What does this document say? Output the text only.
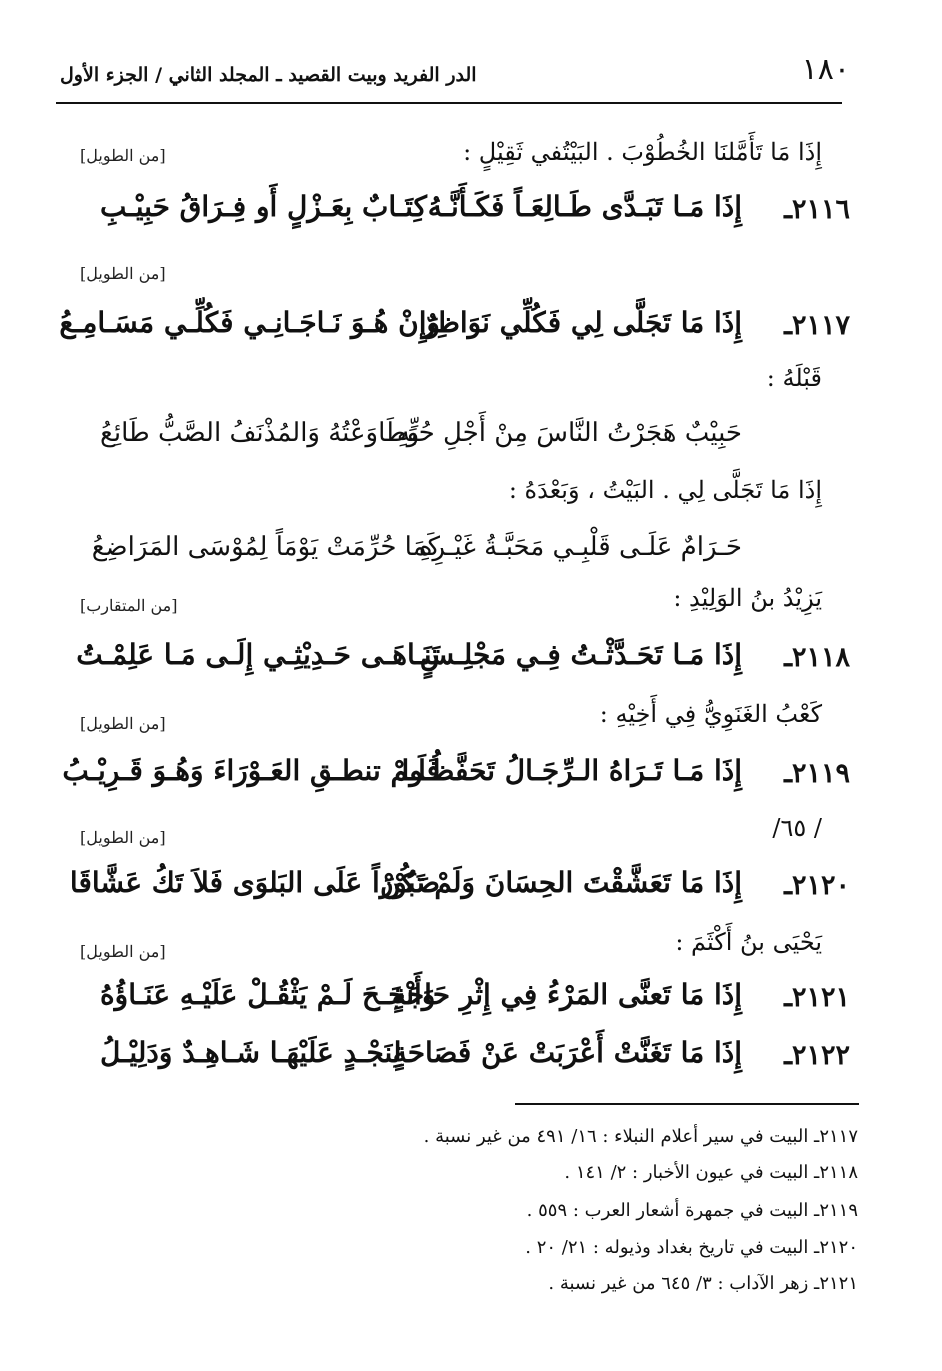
١٨٠
الدر الفريد وبيت القصيد ـ المجلد الثاني / الجزء الأول
إِذَا مَا تَأَمَّلنَا الخُطُوْبَ . البَيْتُفي ثَقِيْلٍ :
[من الطويل]
٢١١٦ـ
إِذَا مَـا تَبَـدَّى طَـالِعَـاً فَكَـأَنَّـهُ
كِتَـابٌ بِعَـزْلٍ أَو فِـرَاقُ حَبِيْـبِ
[من الطويل]
٢١١٧ـ
إِذَا مَا تَجَلَّى لِي فَكُلِّي نَوَاظِرٌ
وَإِنْ هُـوَ نَـاجَـانِـي فَكُلِّـي مَسَـامِـعُ
قَبْلَهُ :
حَبِيْبٌ هَجَرْتُ النَّاسَ مِنْ أَجْلِ حُبِّهِ
وَطَاوَعْتُهُ وَالمُذْنَفُ الصَّبُّ طَائِعُ
إِذَا مَا تَجَلَّى لِي . البَيْتُ ، وَبَعْدَهُ :
حَـرَامٌ عَلَـى قَلْبِـي مَحَبَّـةُ غَيْـرِهِ
كَمَا حُرِّمَتْ يَوْمَاً لِمُوْسَى المَرَاضِعُ
يَزِيْدُ بنُ الوَلِيْدِ :
[من المتقارب]
٢١١٨ـ
إِذَا مَـا تَحَـدَّثْـتُ فِـي مَجْلِـسٍ
تَنَـاهَـى حَـدِيْثِـي إِلَـى مَـا عَلِمْـتُ
كَعْبُ الغَنَوِيُّ فِي أَخِيْهِ :
[من الطويل]
٢١١٩ـ
إِذَا مَـا تَـرَاهُ الـرِّجَـالُ تَحَفَّظُـوا
فَلَـمْ تنطـقِ العَـوْرَاءَ وَهُـوَ قَـرِيْـبُ
/ ٦٥/
[من الطويل]
٢١٢٠ـ
إِذَا مَا تَعَشَّقْتَ الحِسَانَ وَلَمْ تَكُنْ
صَبُوْرَاً عَلَى البَلوَى فَلاَ تَكُ عَشَّاقَا
يَحْيَى بنُ أَكْثَمَ :
[من الطويل]
٢١٢١ـ
إِذَا مَا تَعنَّى المَرْءُ فِي إِثْرِ حَاجَةٍ
وَأَنْجَـحَ لَـمْ يَثْقُـلْ عَلَيْـهِ عَنَـاؤُهُ
٢١٢٢ـ
إِذَا مَا تَغَنَّتْ أَعْرَبَتْ عَنْ فَصَاحَةٍ
لِنَجْـدٍ عَلَيْهَـا شَـاهِـدٌ وَدَلِيْـلُ
٢١١٧ـ البيت في سير أعلام النبلاء : ١٦/ ٤٩١ من غير نسبة .
٢١١٨ـ البيت في عيون الأخبار : ٢/ ١٤١ .
٢١١٩ـ البيت في جمهرة أشعار العرب : ٥٥٩ .
٢١٢٠ـ البيت في تاريخ بغداد وذيوله : ٢١/ ٢٠ .
٢١٢١ـ زهر الآداب : ٣/ ٦٤٥ من غير نسبة .
